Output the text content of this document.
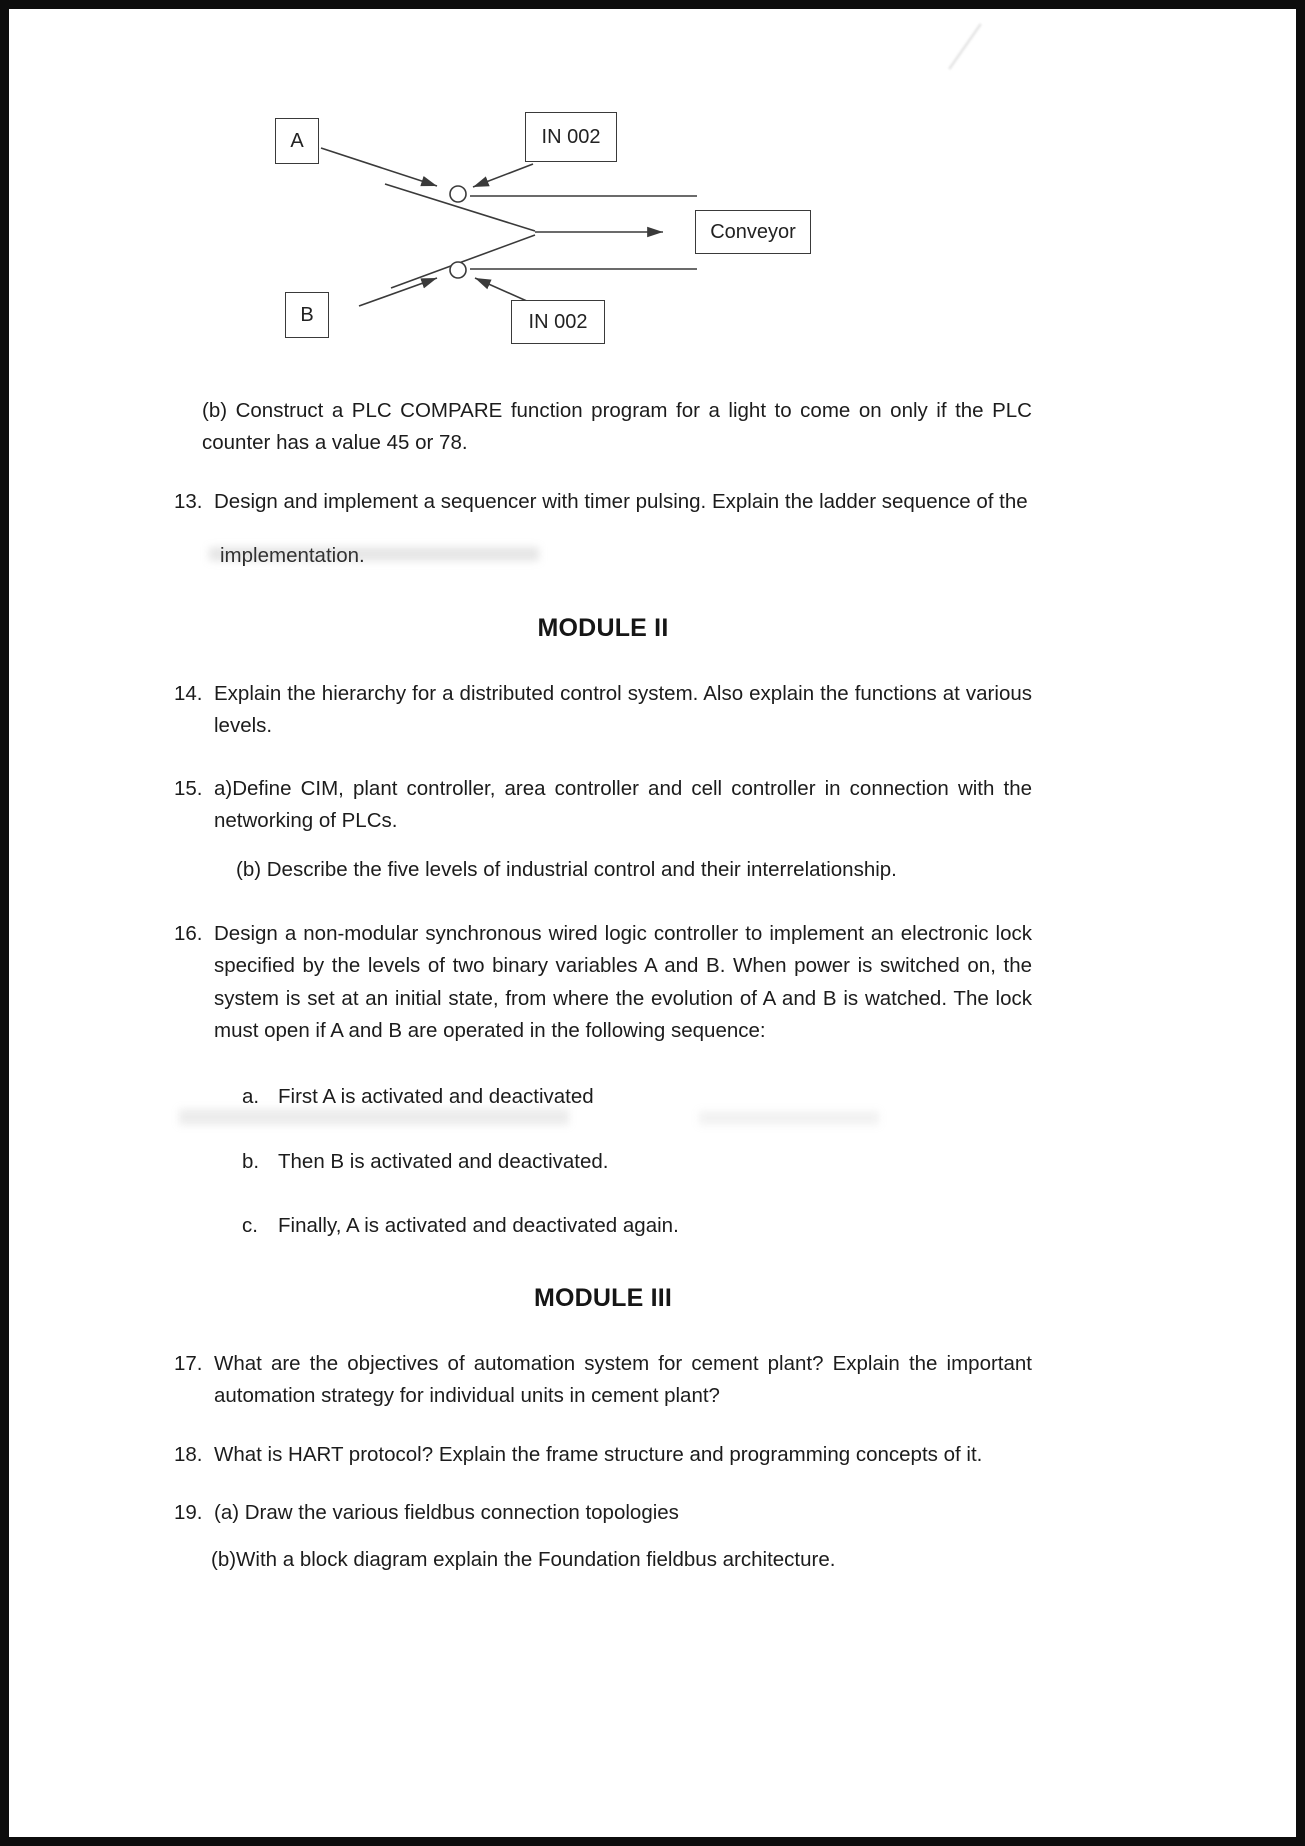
A	IN 002
Conveyor
B	IN 002

(b) Construct a PLC COMPARE function program for a light to come on only if the PLC counter has a value 45 or 78.

13. Design and implement a sequencer with timer pulsing. Explain the ladder sequence of the
implementation.
MODULE II
14. Explain the hierarchy for a distributed control system. Also explain the functions at various levels.
15. a)Define CIM, plant controller, area controller and cell controller in connection with the networking of PLCs.

(b) Describe the five levels of industrial control and their interrelationship.

16. Design a non-modular synchronous wired logic controller to implement an electronic lock specified by the levels of two binary variables A and B. When power is switched on, the system is set at an initial state, from where the evolution of A and B is watched. The lock must open if A and B are operated in the following sequence:
a. First A is activated and deactivated
b. Then B is activated and deactivated.
c. Finally, A is activated and deactivated again.
MODULE III
17. What are the objectives of automation system for cement plant? Explain the important automation strategy for individual units in cement plant?
18. What is HART protocol? Explain the frame structure and programming concepts of it.
19. (a) Draw the various fieldbus connection topologies

(b)With a block diagram explain the Foundation fieldbus architecture.
